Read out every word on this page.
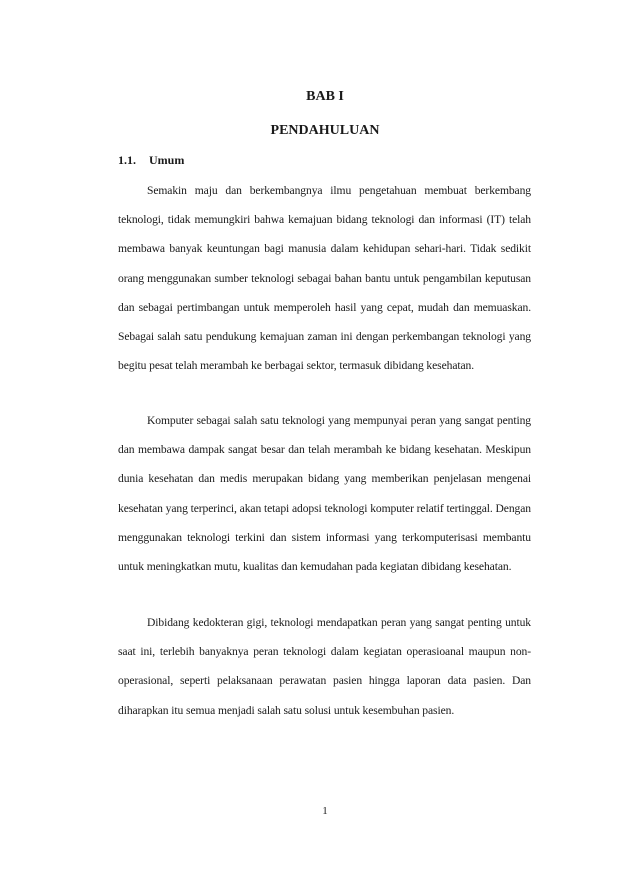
BAB I
PENDAHULUAN
1.1. Umum

Semakin maju dan berkembangnya ilmu pengetahuan membuat berkembang teknologi, tidak memungkiri bahwa kemajuan bidang teknologi dan informasi (IT) telah membawa banyak keuntungan bagi manusia dalam kehidupan sehari-hari. Tidak sedikit orang menggunakan sumber teknologi sebagai bahan bantu untuk pengambilan keputusan dan sebagai pertimbangan untuk memperoleh hasil yang cepat, mudah dan memuaskan. Sebagai salah satu pendukung kemajuan zaman ini dengan perkembangan teknologi yang begitu pesat telah merambah ke berbagai sektor, termasuk dibidang kesehatan.

Komputer sebagai salah satu teknologi yang mempunyai peran yang sangat penting dan membawa dampak sangat besar dan telah merambah ke bidang kesehatan. Meskipun dunia kesehatan dan medis merupakan bidang yang memberikan penjelasan mengenai kesehatan yang terperinci, akan tetapi adopsi teknologi komputer relatif tertinggal. Dengan menggunakan teknologi terkini dan sistem informasi yang terkomputerisasi membantu untuk meningkatkan mutu, kualitas dan kemudahan pada kegiatan dibidang kesehatan.

Dibidang kedokteran gigi, teknologi mendapatkan peran yang sangat penting untuk saat ini, terlebih banyaknya peran teknologi dalam kegiatan operasioanal maupun non-operasional, seperti pelaksanaan perawatan pasien hingga laporan data pasien. Dan diharapkan itu semua menjadi salah satu solusi untuk kesembuhan pasien.

1
